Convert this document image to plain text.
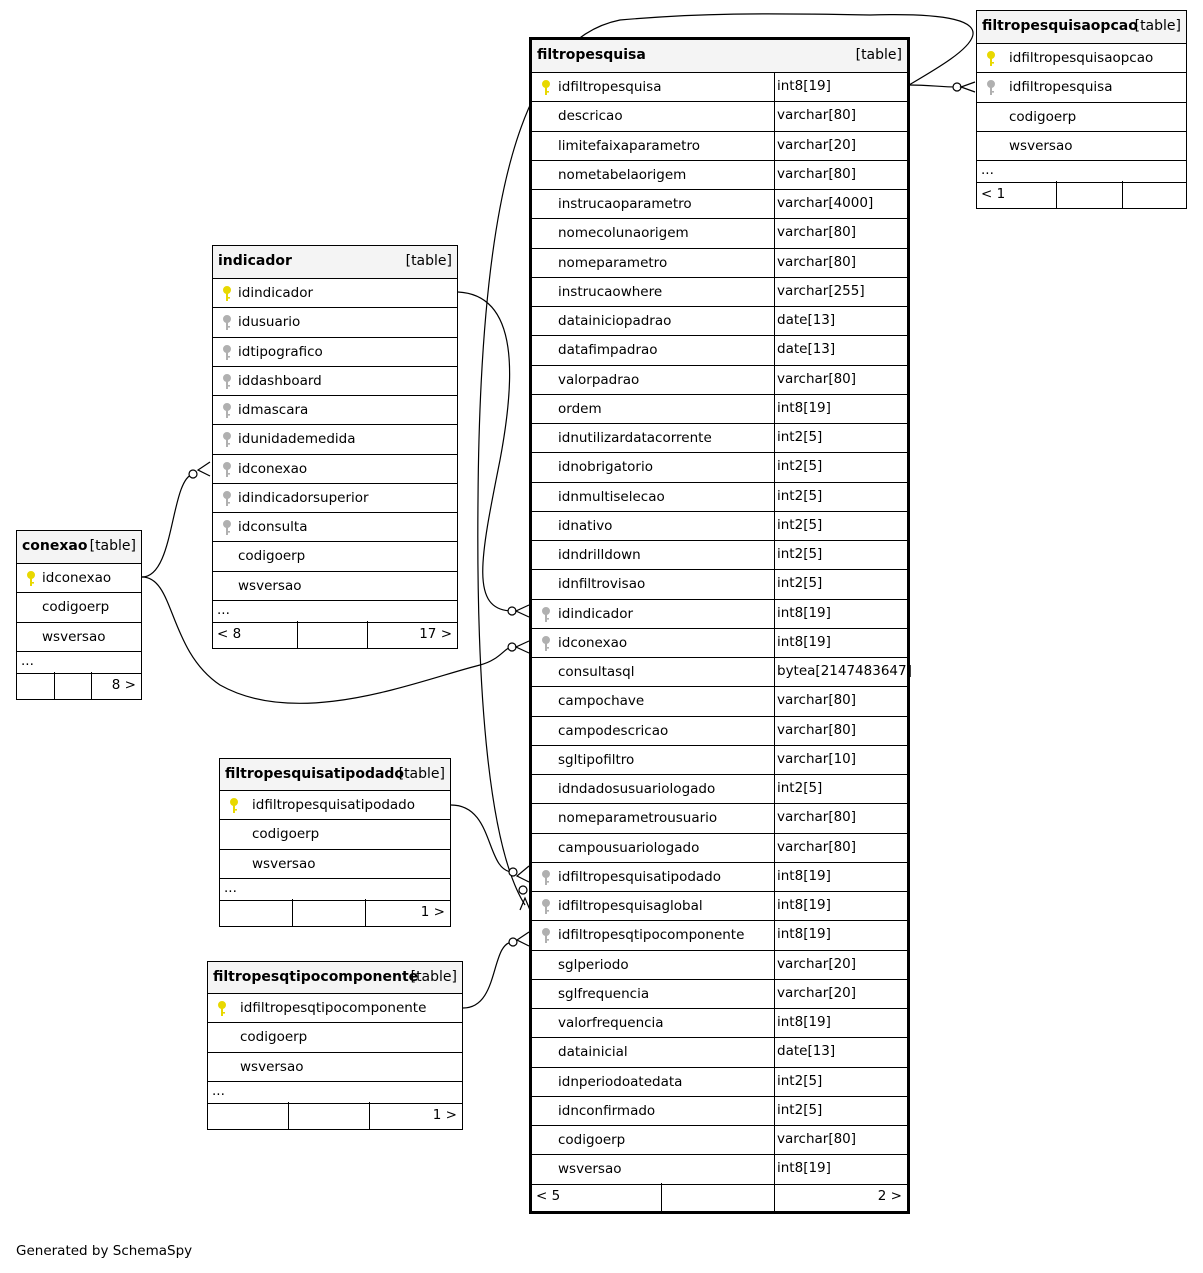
filtropesquisa	[table]
idfiltropesquisa	int8[19]
descricao	varchar[80]
limitefaixaparametro	varchar[20]
nometabelaorigem	varchar[80]
instrucaoparametro	varchar[4000]
nomecolunaorigem	varchar[80]
nomeparametro	varchar[80]
instrucaowhere	varchar[255]
datainiciopadrao	date[13]
datafimpadrao	date[13]
valorpadrao	varchar[80]
ordem	int8[19]
idnutilizardatacorrente	int2[5]
idnobrigatorio	int2[5]
idnmultiselecao	int2[5]
idnativo	int2[5]
idndrilldown	int2[5]
idnfiltrovisao	int2[5]
idindicador	int8[19]
idconexao	int8[19]
consultasql	bytea[2147483647]
campochave	varchar[80]
campodescricao	varchar[80]
sgltipofiltro	varchar[10]
idndadosusuariologado	int2[5]
nomeparametrousuario	varchar[80]
campousuariologado	varchar[80]
idfiltropesquisatipodado	int8[19]
idfiltropesquisaglobal	int8[19]
idfiltropesqtipocomponente int8[19]
sglperiodo	varchar[20]
sglfrequencia	varchar[20]
valorfrequencia	int8[19]
datainicial	date[13]
idnperiodoatedata	int2[5]
idnconfirmado	int2[5]
codigoerp	varchar[80]
wsversao	int8[19]
< 5	2 >
filtropesquisaopcao
[table]
idfiltropesquisaopcao
idfiltropesquisa
codigoerp
wsversao
...
< 1
indicador	[table]
idindicador
idusuario
idtipografico
iddashboard
idmascara
idunidademedida
idconexao
idindicadorsuperior
idconsulta
codigoerp
wsversao
...
< 8	17 >
conexao [table]
idconexao
codigoerp
wsversao
...
8 >
filtropesquisatipodado
[table]
idfiltropesquisatipodado
codigoerp
wsversao
...
1 >
filtropesqtipocomponente
[table]
idfiltropesqtipocomponente
codigoerp
wsversao
...
1 >
Generated by SchemaSpy
